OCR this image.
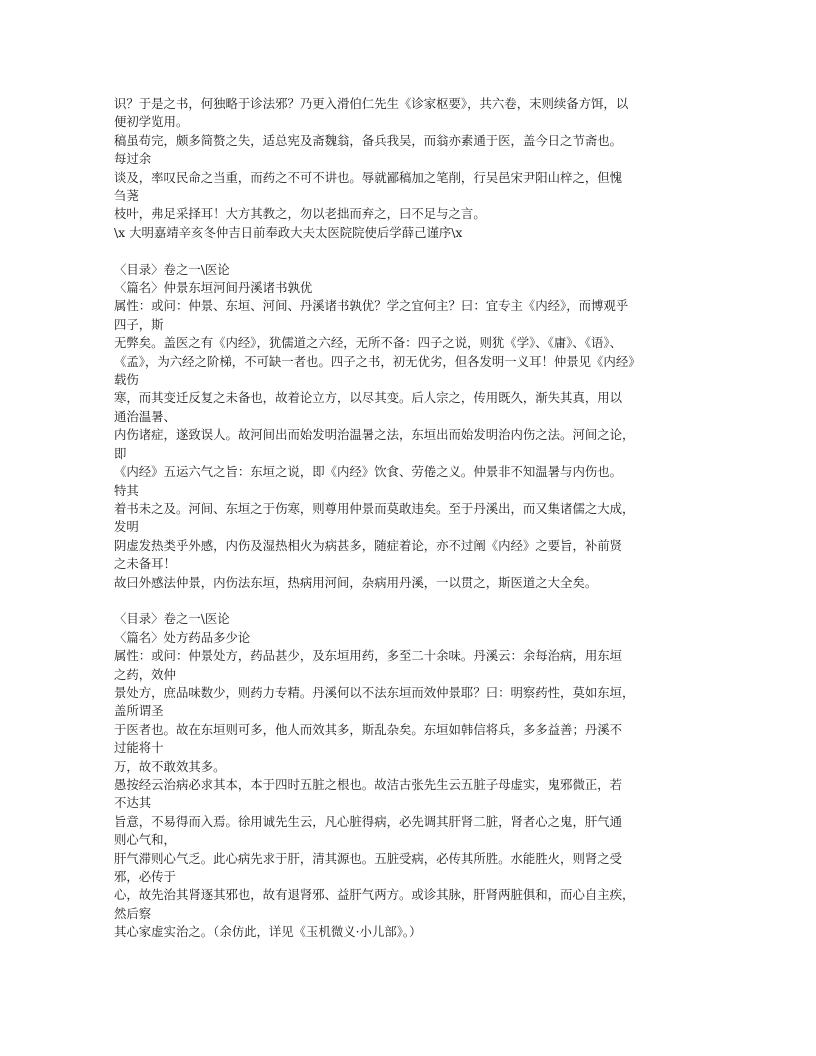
识？于是之书，何独略于诊法邪？乃更入滑伯仁先生《诊家枢要》，共六卷，末则续备方饵，以
便初学览用。
稿虽苟完，颇多简赘之失，适总宪及斋魏翁，备兵我吴，而翁亦素通于医，盖今日之节斋也。
每过余
谈及，率叹民命之当重，而药之不可不讲也。辱就鄙稿加之笔削，行吴邑宋尹阳山梓之，但愧
刍荛
枝叶，弗足采择耳！大方其教之，勿以老拙而弃之，曰不足与之言。
\x 大明嘉靖辛亥冬仲吉日前奉政大夫太医院院使后学薛己谨序\x
〈目录〉卷之一\医论
〈篇名〉仲景东垣河间丹溪诸书孰优
属性：或问：仲景、东垣、河间、丹溪诸书孰优？学之宜何主？曰：宜专主《内经》，而博观乎
四子，斯
无弊矣。盖医之有《内经》，犹儒道之六经，无所不备：四子之说，则犹《学》、《庸》、《语》、
《孟》，为六经之阶梯，不可缺一者也。四子之书，初无优劣，但各发明一义耳！仲景见《内经》
载伤
寒，而其变迁反复之未备也，故着论立方，以尽其变。后人宗之，传用既久，渐失其真，用以
通治温暑、
内伤诸症，遂致误人。故河间出而始发明治温暑之法，东垣出而始发明治内伤之法。河间之论，
即
《内经》五运六气之旨：东垣之说，即《内经》饮食、劳倦之义。仲景非不知温暑与内伤也。
特其
着书未之及。河间、东垣之于伤寒，则尊用仲景而莫敢违矣。至于丹溪出，而又集诸儒之大成，
发明
阴虚发热类乎外感，内伤及湿热相火为病甚多，随症着论，亦不过阐《内经》之要旨，补前贤
之未备耳！
故曰外感法仲景，内伤法东垣，热病用河间，杂病用丹溪，一以贯之，斯医道之大全矣。
〈目录〉卷之一\医论
〈篇名〉处方药品多少论
属性：或问：仲景处方，药品甚少，及东垣用药，多至二十余味。丹溪云：余每治病，用东垣
之药，效仲
景处方，庶品味数少，则药力专精。丹溪何以不法东垣而效仲景耶？曰：明察药性，莫如东垣，
盖所谓圣
于医者也。故在东垣则可多，他人而效其多，斯乱杂矣。东垣如韩信将兵，多多益善；丹溪不
过能将十
万，故不敢效其多。
愚按经云治病必求其本，本于四时五脏之根也。故洁古张先生云五脏子母虚实，鬼邪微正，若
不达其
旨意，不易得而入焉。徐用诚先生云，凡心脏得病，必先调其肝肾二脏，肾者心之鬼，肝气通
则心气和，
肝气滞则心气乏。此心病先求于肝，清其源也。五脏受病，必传其所胜。水能胜火，则肾之受
邪，必传于
心，故先治其肾逐其邪也，故有退肾邪、益肝气两方。或诊其脉，肝肾两脏俱和，而心自主疾，
然后察
其心家虚实治之。（余仿此，详见《玉机微义·小儿部》。）
